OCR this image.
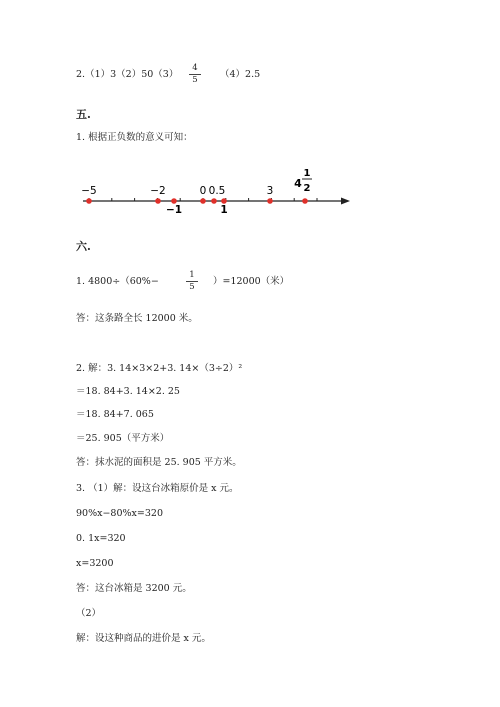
2.（1）3（2）50（3）
4
5	（4）2.5
五.
1. 根据正负数的意义可知：
−5	−2	0 0.5	3
4
1
2
−1	1
六.
1. 4800÷（60%−
1
5	）=12000（米）
答：这条路全长 12000 米。
2. 解：3. 14×3×2+3. 14×（3÷2）²
＝18. 84+3. 14×2. 25
＝18. 84+7. 065
＝25. 905（平方米）
答：抹水泥的面积是 25. 905 平方米。
3. （1）解：设这台冰箱原价是 x 元。
90%x−80%x=320
0. 1x=320
x=3200
答：这台冰箱是 3200 元。
（2）
解：设这种商品的进价是 x 元。
